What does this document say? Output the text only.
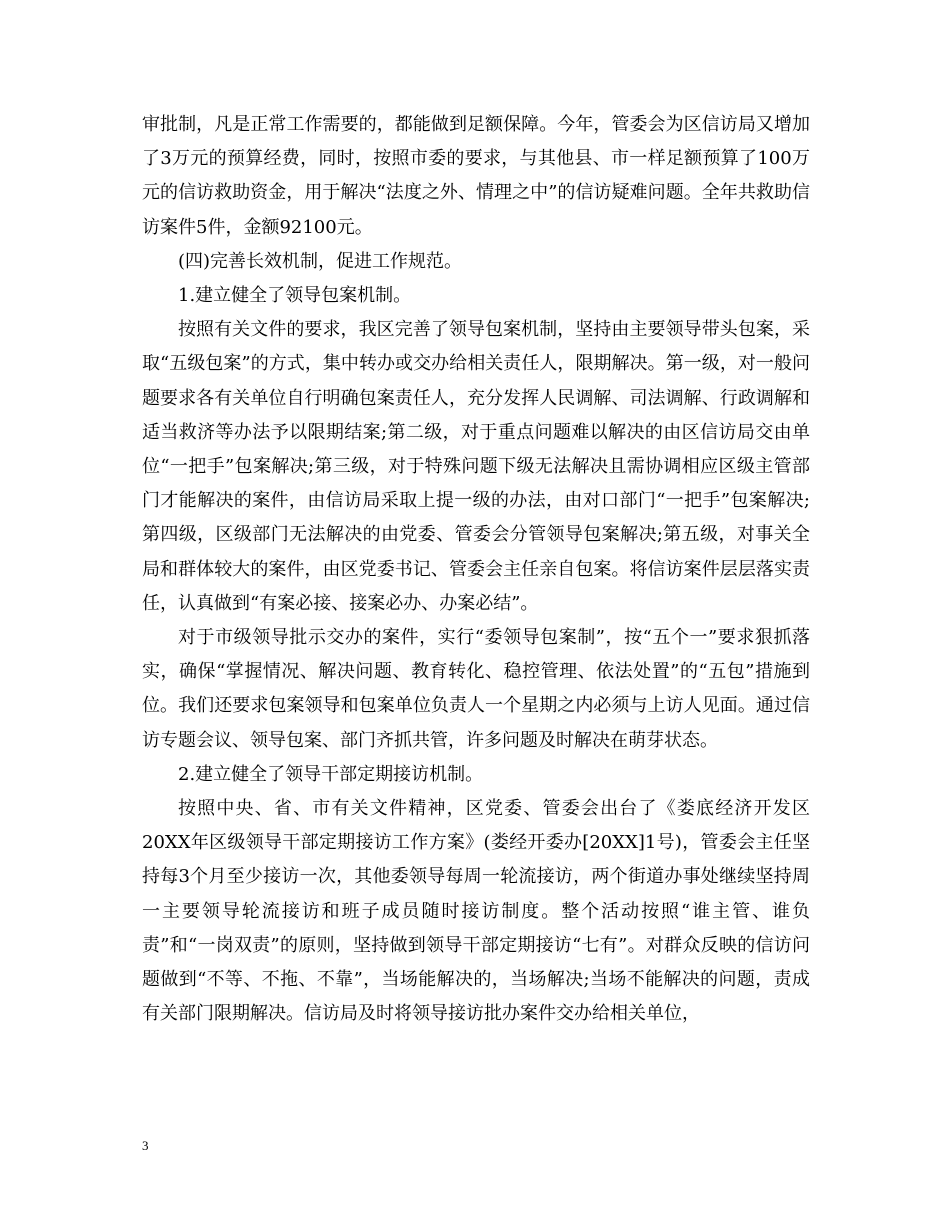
审批制，凡是正常工作需要的，都能做到足额保障。今年，管委会为区信访局又增加了3万元的预算经费，同时，按照市委的要求，与其他县、市一样足额预算了100万元的信访救助资金，用于解决“法度之外、情理之中”的信访疑难问题。全年共救助信访案件5件，金额92100元。

(四)完善长效机制，促进工作规范。

1.建立健全了领导包案机制。

按照有关文件的要求，我区完善了领导包案机制，坚持由主要领导带头包案，采取“五级包案”的方式，集中转办或交办给相关责任人，限期解决。第一级，对一般问题要求各有关单位自行明确包案责任人，充分发挥人民调解、司法调解、行政调解和适当救济等办法予以限期结案;第二级，对于重点问题难以解决的由区信访局交由单位“一把手”包案解决;第三级，对于特殊问题下级无法解决且需协调相应区级主管部门才能解决的案件，由信访局采取上提一级的办法，由对口部门“一把手”包案解决;第四级，区级部门无法解决的由党委、管委会分管领导包案解决;第五级，对事关全局和群体较大的案件，由区党委书记、管委会主任亲自包案。将信访案件层层落实责任，认真做到“有案必接、接案必办、办案必结”。

对于市级领导批示交办的案件，实行“委领导包案制”，按“五个一”要求狠抓落实，确保“掌握情况、解决问题、教育转化、稳控管理、依法处置”的“五包”措施到位。我们还要求包案领导和包案单位负责人一个星期之内必须与上访人见面。通过信访专题会议、领导包案、部门齐抓共管，许多问题及时解决在萌芽状态。

2.建立健全了领导干部定期接访机制。

按照中央、省、市有关文件精神，区党委、管委会出台了《娄底经济开发区20XX年区级领导干部定期接访工作方案》(娄经开委办[20XX]1号)，管委会主任坚持每3个月至少接访一次，其他委领导每周一轮流接访，两个街道办事处继续坚持周一主要领导轮流接访和班子成员随时接访制度。整个活动按照“谁主管、谁负责”和“一岗双责”的原则，坚持做到领导干部定期接访“七有”。对群众反映的信访问题做到“不等、不拖、不靠”，当场能解决的，当场解决;当场不能解决的问题，责成有关部门限期解决。信访局及时将领导接访批办案件交办给相关单位，

3
